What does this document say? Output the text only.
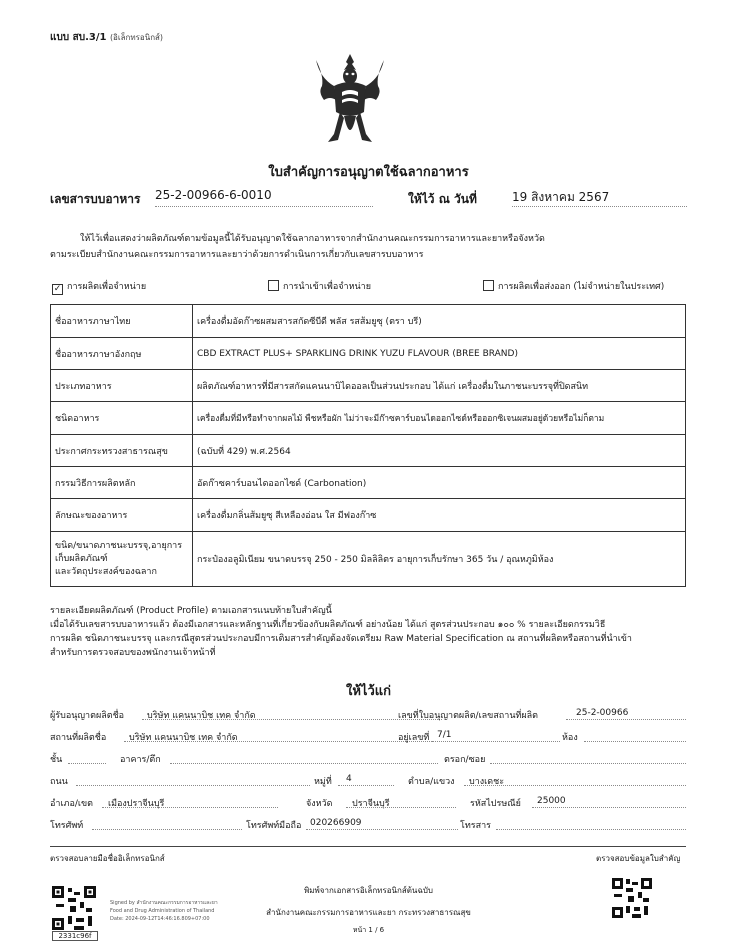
แบบ สบ.3/1 (อิเล็กทรอนิกส์)
ใบสำคัญการอนุญาตใช้ฉลากอาหาร
เลขสารบบอาหาร 25-2-00966-6-0010	ให้ไว้ ณ วันที่	19 สิงหาคม 2567
ให้ไว้เพื่อแสดงว่าผลิตภัณฑ์ตามข้อมูลนี้ได้รับอนุญาตใช้ฉลากอาหารจากสำนักงานคณะกรรมการอาหารและยาหรือจังหวัด
ตามระเบียบสำนักงานคณะกรรมการอาหารและยาว่าด้วยการดำเนินการเกี่ยวกับเลขสารบบอาหาร
✓ การผลิตเพื่อจำหน่าย	การนำเข้าเพื่อจำหน่าย	การผลิตเพื่อส่งออก (ไม่จำหน่ายในประเทศ)
ชื่ออาหารภาษาไทย	เครื่องดื่มอัดก๊าซผสมสารสกัดซีบีดี พลัส รสส้มยูซุ (ตรา บรี)
ชื่ออาหารภาษาอังกฤษ	CBD EXTRACT PLUS+ SPARKLING DRINK YUZU FLAVOUR (BREE BRAND)
ประเภทอาหาร	ผลิตภัณฑ์อาหารที่มีสารสกัดแคนนาบิไดออลเป็นส่วนประกอบ ได้แก่ เครื่องดื่มในภาชนะบรรจุที่ปิดสนิท
ชนิดอาหาร	เครื่องดื่มที่มีหรือทำจากผลไม้ พืชหรือผัก ไม่ว่าจะมีก๊าซคาร์บอนไดออกไซด์หรือออกซิเจนผสมอยู่ด้วยหรือไม่ก็ตาม
ประกาศกระทรวงสาธารณสุข	(ฉบับที่ 429) พ.ศ.2564
กรรมวิธีการผลิตหลัก	อัดก๊าซคาร์บอนไดออกไซด์ (Carbonation)
ลักษณะของอาหาร	เครื่องดื่มกลิ่นส้มยูซุ สีเหลืองอ่อน ใส มีฟองก๊าซ

ขนิด/ขนาดภาชนะบรรจุ,อายุการ
เก็บผลิตภัณฑ์
และวัตถุประสงค์ของฉลาก	กระป๋องอลูมิเนียม ขนาดบรรจุ 250 - 250 มิลลิลิตร อายุการเก็บรักษา 365 วัน / อุณหภูมิห้อง
รายละเอียดผลิตภัณฑ์ (Product Profile) ตามเอกสารแนบท้ายใบสำคัญนี้
เมื่อได้รับเลขสารบบอาหารแล้ว ต้องมีเอกสารและหลักฐานที่เกี่ยวข้องกับผลิตภัณฑ์ อย่างน้อย ได้แก่ สูตรส่วนประกอบ ๑๐๐ % รายละเอียดกรรมวิธี
การผลิต ชนิดภาชนะบรรจุ และกรณีสูตรส่วนประกอบมีการเติมสารสำคัญต้องจัดเตรียม Raw Material Specification ณ สถานที่ผลิตหรือสถานที่นำเข้า
สำหรับการตรวจสอบของพนักงานเจ้าหน้าที่
ให้ไว้แก่
ผู้รับอนุญาตผลิตชื่อ	บริษัท แคนนาบิช เทค จำกัด	เลขที่ใบอนุญาตผลิต/เลขสถานที่ผลิต	25-2-00966
สถานที่ผลิตชื่อ	บริษัท แคนนาบิช เทค จำกัด	อยู่เลขที่ 7/1	ห้อง
ชั้น	อาคาร/ตึก	ตรอก/ซอย
ถนน	หมู่ที่ 4	ตำบล/แขวง บางเดชะ
อำเภอ/เขต เมืองปราจีนบุรี	จังหวัด ปราจีนบุรี	รหัสไปรษณีย์ 25000
โทรศัพท์	โทรศัพท์มือถือ 020266909	โทรสาร
ตรวจสอบลายมือชื่ออิเล็กทรอนิกส์	ตรวจสอบข้อมูลใบสำคัญ
2331c96f
Signed by สำนักงานคณะกรรมการอาหารและยา
Food and Drug Administration of Thailand
Date: 2024-09-12T14:46:16.809+07:00
พิมพ์จากเอกสารอิเล็กทรอนิกส์ต้นฉบับ
สำนักงานคณะกรรมการอาหารและยา กระทรวงสาธารณสุข
หน้า 1 / 6
